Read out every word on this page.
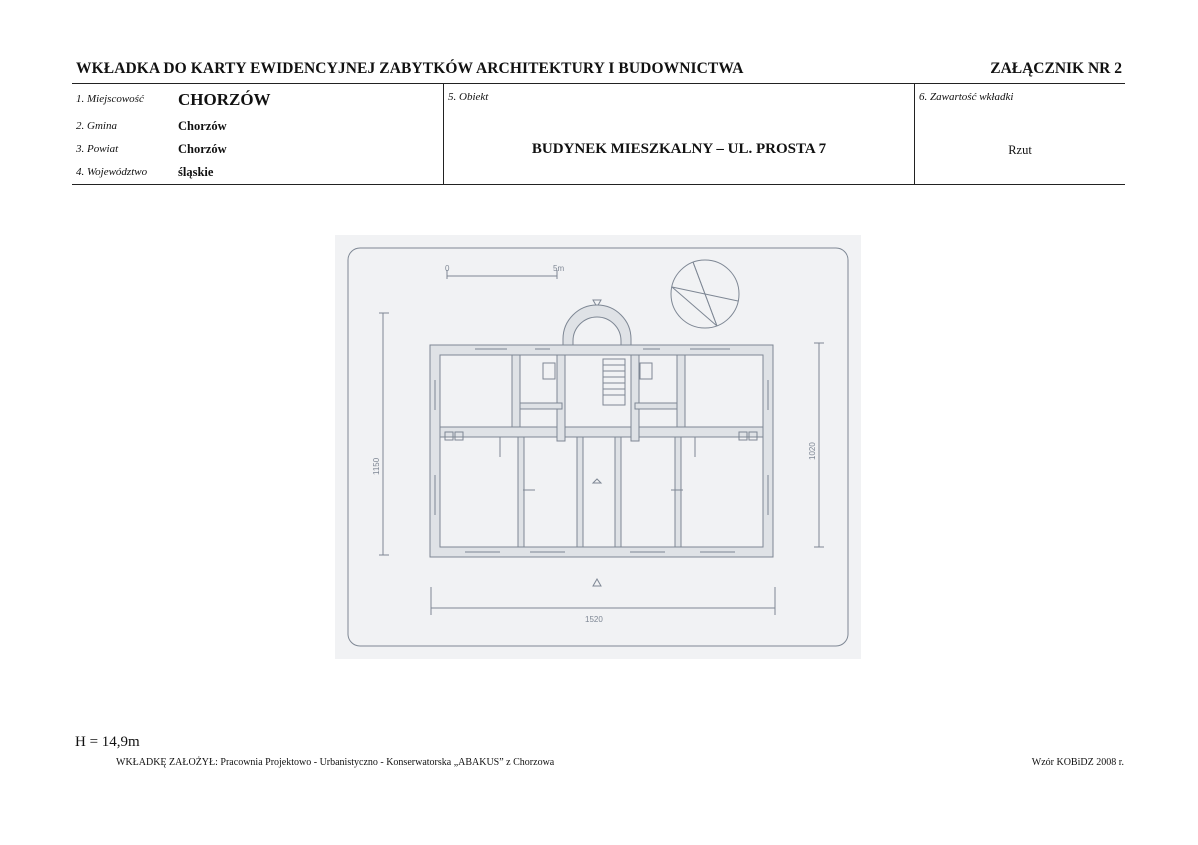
WKŁADKA DO KARTY EWIDENCYJNEJ ZABYTKÓW ARCHITEKTURY I BUDOWNICTWA	ZAŁĄCZNIK NR 2
1. Miejscowość CHORZÓW
2. Gmina	Chorzów
3. Powiat	Chorzów
4. Województwo śląskie
5. Obiekt
BUDYNEK MIESZKALNY – UL. PROSTA 7
6. Zawartość wkładki
Rzut
0	5m
1520
1150
1020
H = 14,9m
WKŁADKĘ ZAŁOŻYŁ: Pracownia Projektowo - Urbanistyczno - Konserwatorska „ABAKUS” z Chorzowa	Wzór KOBiDZ 2008 r.
